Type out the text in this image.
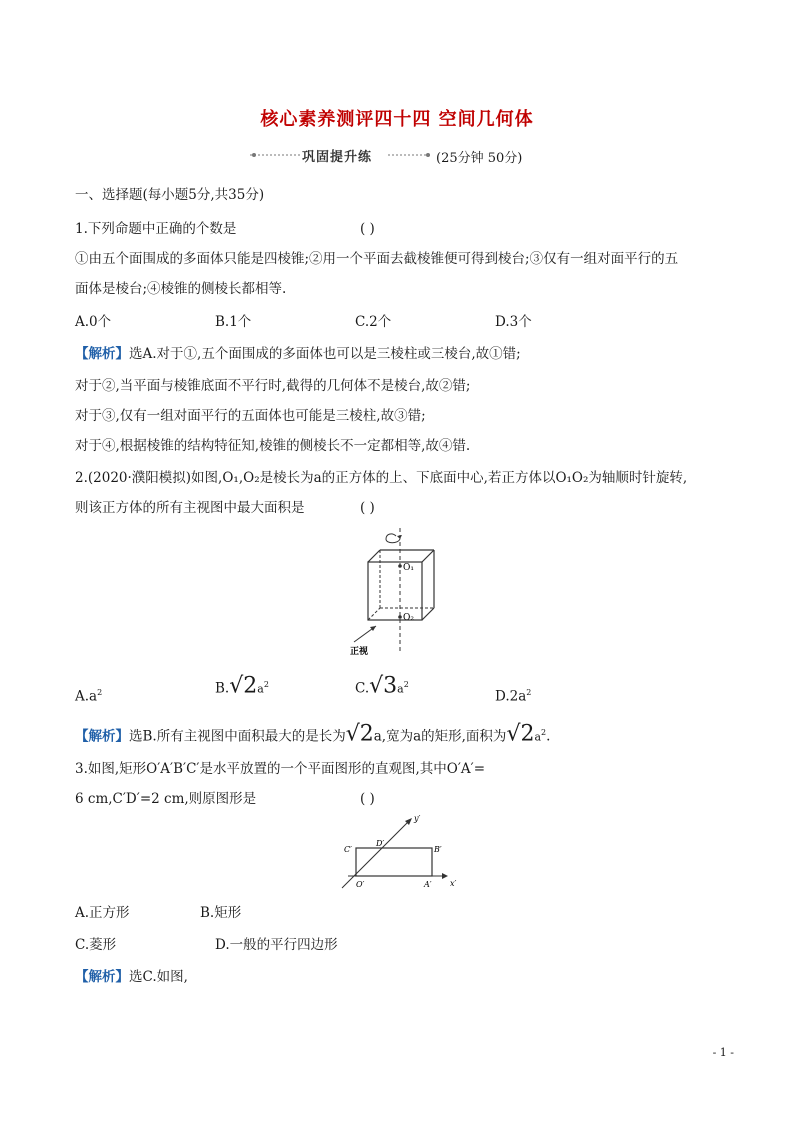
核心素养测评四十四 空间几何体
巩固提升练	(25分钟 50分)
一、选择题(每小题5分,共35分)
1.下列命题中正确的个数是	( )
①由五个面围成的多面体只能是四棱锥;②用一个平面去截棱锥便可得到棱台;③仅有一组对面平行的五
面体是棱台;④棱锥的侧棱长都相等.
A.0个	B.1个	C.2个	D.3个
【解析】选A.对于①,五个面围成的多面体也可以是三棱柱或三棱台,故①错;
对于②,当平面与棱锥底面不平行时,截得的几何体不是棱台,故②错;
对于③,仅有一组对面平行的五面体也可能是三棱柱,故③错;
对于④,根据棱锥的结构特征知,棱锥的侧棱长不一定都相等,故④错.
2.(2020·濮阳模拟)如图,O₁,O₂是棱长为a的正方体的上、下底面中心,若正方体以O₁O₂为轴顺时针旋转,
则该正方体的所有主视图中最大面积是	( )
O₁
O₂
正视
$A.a^2$	$B.√2a^2$	$C.√3a^2$
$D.2a^2$
【解析】选B.所有主视图中面积最大的是长为√2a,宽为a的矩形,面积为$√2a^2$.
3.如图,矩形O′A′B′C′是水平放置的一个平面图形的直观图,其中O′A′=
6 cm,C′D′=2 cm,则原图形是	( )
y′
x′
C′
D′
B′
O′	A′
A.正方形	B.矩形
C.菱形	D.一般的平行四边形
【解析】选C.如图,
- 1 -
